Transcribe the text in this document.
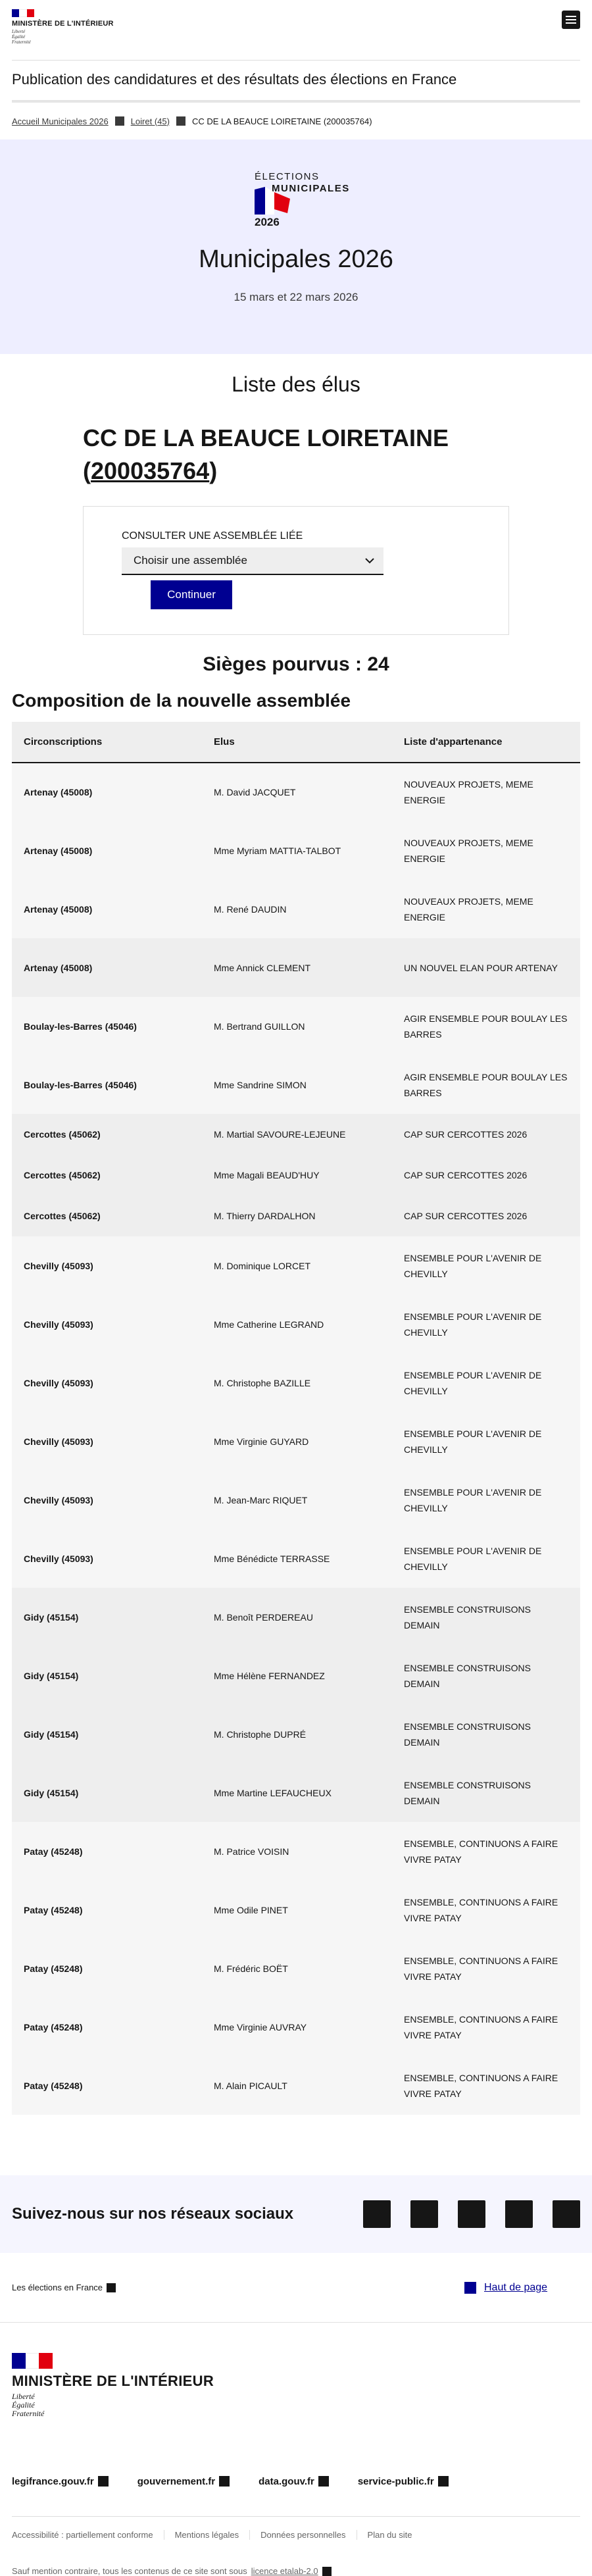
MINISTÈRE DE L'INTÉRIEUR
Liberté
Égalité
Fraternité
Publication des candidatures et des résultats des élections en France
Accueil Municipales 2026	Loiret (45)	CC DE LA BEAUCE LOIRETAINE (200035764)
ÉLECTIONS
MUNICIPALES
2026
Municipales 2026
15 mars et 22 mars 2026
Liste des élus
CC DE LA BEAUCE LOIRETAINE (200035764)
CONSULTER UNE ASSEMBLÉE LIÉE
Choisir une assemblée
Continuer
Sièges pourvus : 24
Composition de la nouvelle assemblée
Circonscriptions	Elus	Liste d'appartenance
Artenay (45008)	M. David JACQUET	NOUVEAUX PROJETS, MEME ENERGIE
Artenay (45008)	Mme Myriam MATTIA-TALBOT	NOUVEAUX PROJETS, MEME ENERGIE
Artenay (45008)	M. René DAUDIN	NOUVEAUX PROJETS, MEME ENERGIE
Artenay (45008)	Mme Annick CLEMENT	UN NOUVEL ELAN POUR ARTENAY
Boulay-les-Barres (45046)	M. Bertrand GUILLON	AGIR ENSEMBLE POUR BOULAY LES BARRES
Boulay-les-Barres (45046)	Mme Sandrine SIMON	AGIR ENSEMBLE POUR BOULAY LES BARRES
Cercottes (45062)	M. Martial SAVOURE-LEJEUNE	CAP SUR CERCOTTES 2026
Cercottes (45062)	Mme Magali BEAUD'HUY	CAP SUR CERCOTTES 2026
Cercottes (45062)	M. Thierry DARDALHON	CAP SUR CERCOTTES 2026
Chevilly (45093)	M. Dominique LORCET	ENSEMBLE POUR L'AVENIR DE CHEVILLY
Chevilly (45093)	Mme Catherine LEGRAND	ENSEMBLE POUR L'AVENIR DE CHEVILLY
Chevilly (45093)	M. Christophe BAZILLE	ENSEMBLE POUR L'AVENIR DE CHEVILLY
Chevilly (45093)	Mme Virginie GUYARD	ENSEMBLE POUR L'AVENIR DE CHEVILLY
Chevilly (45093)	M. Jean-Marc RIQUET	ENSEMBLE POUR L'AVENIR DE CHEVILLY
Chevilly (45093)	Mme Bénédicte TERRASSE	ENSEMBLE POUR L'AVENIR DE CHEVILLY
Gidy (45154)	M. Benoît PERDEREAU	ENSEMBLE CONSTRUISONS DEMAIN
Gidy (45154)	Mme Hélène FERNANDEZ	ENSEMBLE CONSTRUISONS DEMAIN
Gidy (45154)	M. Christophe DUPRÉ	ENSEMBLE CONSTRUISONS DEMAIN
Gidy (45154)	Mme Martine LEFAUCHEUX	ENSEMBLE CONSTRUISONS DEMAIN
Patay (45248)	M. Patrice VOISIN	ENSEMBLE, CONTINUONS A FAIRE VIVRE PATAY
Patay (45248)	Mme Odile PINET	ENSEMBLE, CONTINUONS A FAIRE VIVRE PATAY
Patay (45248)	M. Frédéric BOËT	ENSEMBLE, CONTINUONS A FAIRE VIVRE PATAY
Patay (45248)	Mme Virginie AUVRAY	ENSEMBLE, CONTINUONS A FAIRE VIVRE PATAY
Patay (45248)	M. Alain PICAULT	ENSEMBLE, CONTINUONS A FAIRE VIVRE PATAY
Suivez-nous sur nos réseaux sociaux
Les élections en France	Haut de page
MINISTÈRE DE L'INTÉRIEUR
Liberté
Égalité
Fraternité
legifrance.gouv.fr	gouvernement.fr	data.gouv.fr	service-public.fr
Accessibilité : partiellement conforme	Mentions légales	Données personnelles	Plan du site
Sauf mention contraire, tous les contenus de ce site sont sous licence etalab-2.0
